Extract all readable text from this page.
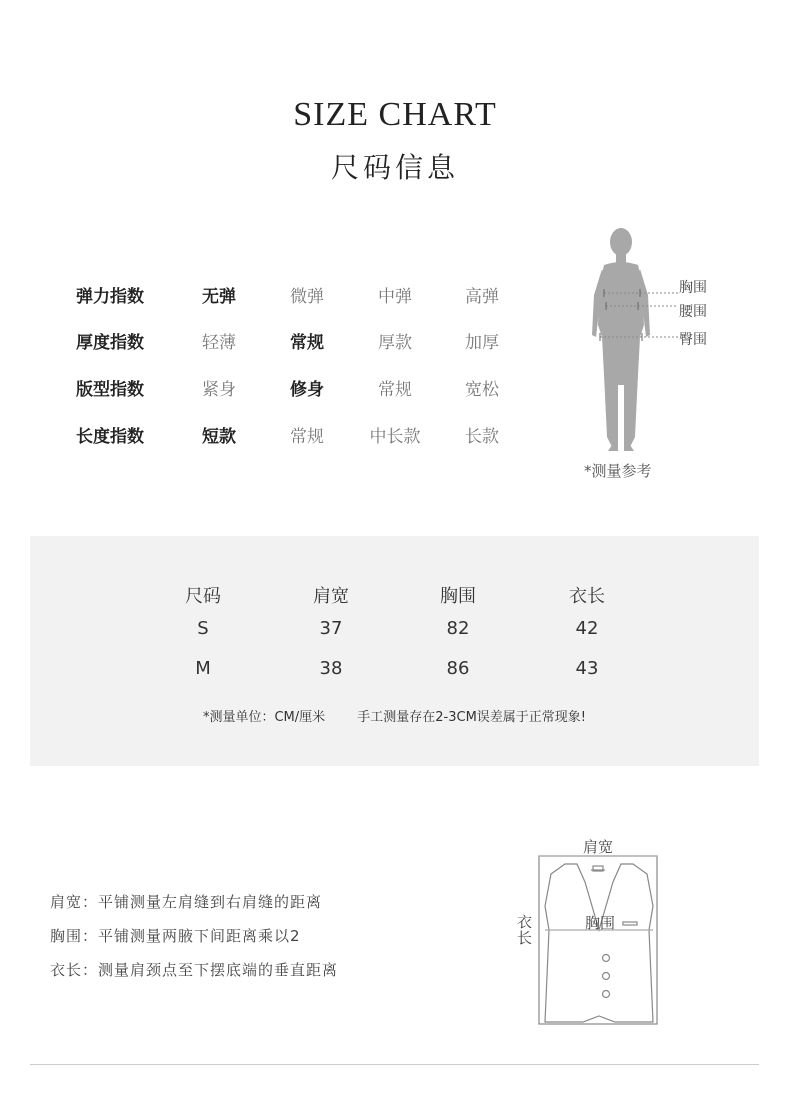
SIZE CHART
尺码信息
弹力指数	无弹	微弹	中弹	高弹
厚度指数	轻薄	常规	厚款	加厚
版型指数	紧身	修身	常规	宽松
长度指数	短款	常规	中长款	长款
胸围
腰围
臀围
*测量参考
尺码	肩宽	胸围	衣长
S	37	82	42
M	38	86	43
*测量单位：CM/厘米 手工测量存在2-3CM误差属于正常现象!
肩宽：平铺测量左肩缝到右肩缝的距离
胸围：平铺测量两腋下间距离乘以2
衣长：测量肩颈点至下摆底端的垂直距离
肩宽
胸围
衣长
